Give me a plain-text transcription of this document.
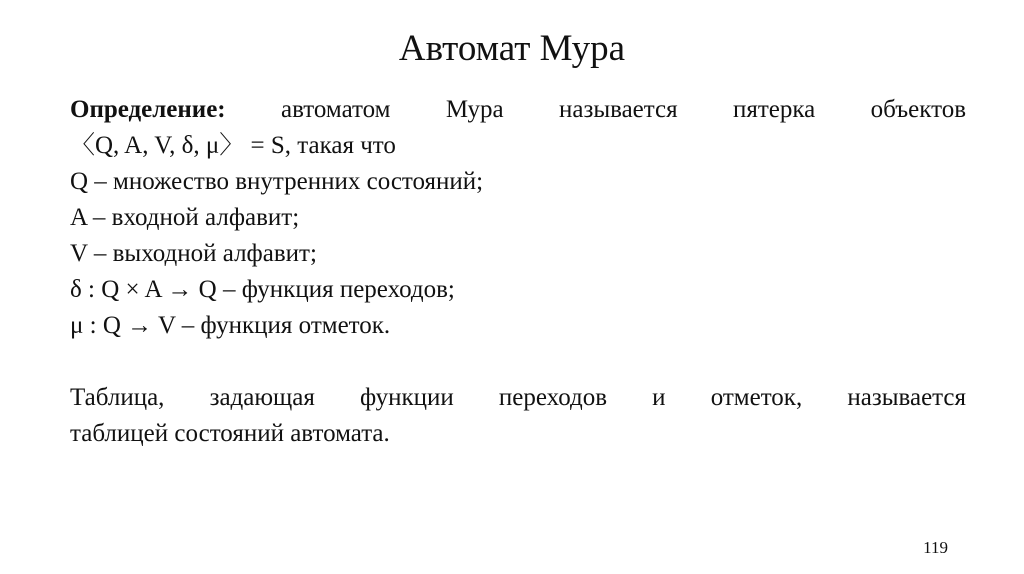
Автомат Мура
Определение: автоматом Мура называется пятерка объектов
〈Q, A, V, δ, μ〉 = S, такая что
Q – множество внутренних состояний;
A – входной алфавит;
V – выходной алфавит;
δ : Q × A → Q – функция переходов;
μ : Q → V – функция отметок.
Таблица, задающая функции переходов и отметок, называется
таблицей состояний автомата.
119
